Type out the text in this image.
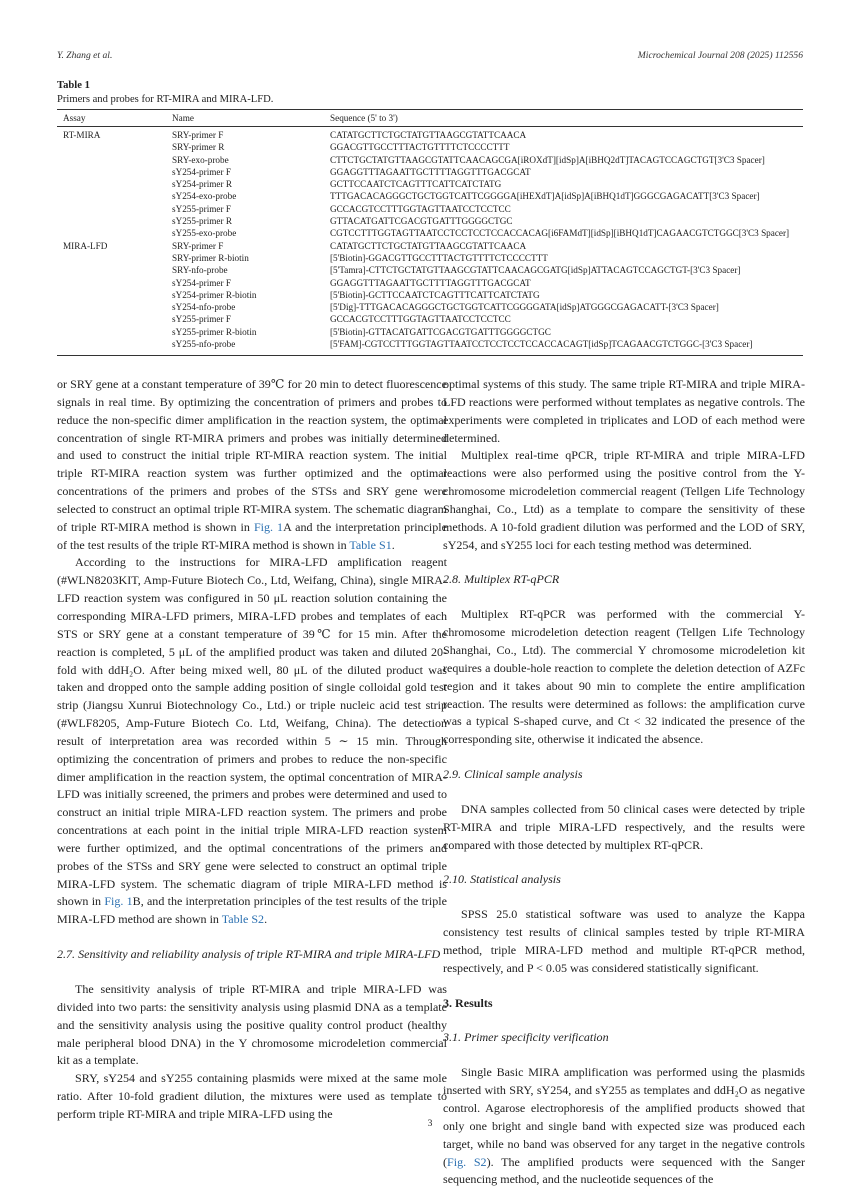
Y. Zhang et al.	Microchemical Journal 208 (2025) 112556
Table 1
Primers and probes for RT-MIRA and MIRA-LFD.
Assay	Name	Sequence (5' to 3')
RT-MIRA	SRY-primer F	CATATGCTTCTGCTATGTTAAGCGTATTCAACA
	SRY-primer R	GGACGTTGCCTTTACTGTTTTCTCCCCTTT
	SRY-exo-probe	CTTCTGCTATGTTAAGCGTATTCAACAGCGA[iROXdT][idSp]A[iBHQ2dT]TACAGTCCAGCTGT[3'C3 Spacer]
	sY254-primer F	GGAGGTTTAGAATTGCTTTTAGGTTTGACGCAT
	sY254-primer R	GCTTCCAATCTCAGTTTCATTCATCTATG
	sY254-exo-probe	TTTGACACAGGGCTGCTGGTCATTCGGGGA[iHEXdT]A[idSp]A[iBHQ1dT]GGGCGAGACATT[3'C3 Spacer]
	sY255-primer F	GCCACGTCCTTTGGTAGTTAATCCTCCTCC
	sY255-primer R	GTTACATGATTCGACGTGATTTGGGGCTGC
	sY255-exo-probe	CGTCCTTTGGTAGTTAATCCTCCTCCTCCACCACAG[i6FAMdT][idSp][iBHQ1dT]CAGAACGTCTGGC[3'C3 Spacer]
MIRA-LFD	SRY-primer F	CATATGCTTCTGCTATGTTAAGCGTATTCAACA
	SRY-primer R-biotin	[5'Biotin]-GGACGTTGCCTTTACTGTTTTCTCCCCTTT
	SRY-nfo-probe	[5'Tamra]-CTTCTGCTATGTTAAGCGTATTCAACAGCGATG[idSp]ATTACAGTCCAGCTGT-[3'C3 Spacer]
	sY254-primer F	GGAGGTTTAGAATTGCTTTTAGGTTTGACGCAT
	sY254-primer R-biotin	[5'Biotin]-GCTTCCAATCTCAGTTTCATTCATCTATG
	sY254-nfo-probe	[5'Dig]-TTTGACACAGGGCTGCTGGTCATTCGGGGATA[idSp]ATGGGCGAGACATT-[3'C3 Spacer]
	sY255-primer F	GCCACGTCCTTTGGTAGTTAATCCTCCTCC
	sY255-primer R-biotin	[5'Biotin]-GTTACATGATTCGACGTGATTTGGGGCTGC
	sY255-nfo-probe	[5'FAM]-CGTCCTTTGGTAGTTAATCCTCCTCCTCCACCACAGT[idSp]TCAGAACGTCTGGC-[3'C3 Spacer]

or SRY gene at a constant temperature of 39℃ for 20 min to detect fluorescence signals in real time. By optimizing the concentration of primers and probes to reduce the non-specific dimer amplification in the reaction system, the optimal concentration of single RT-MIRA primers and probes was initially determined and used to construct the initial triple RT-MIRA reaction system. The initial triple RT-MIRA reaction system was further optimized and the optimal concentrations of the primers and probes of the STSs and SRY gene were selected to construct an optimal triple RT-MIRA system. The schematic diagram of triple RT-MIRA method is shown in Fig. 1A and the interpretation principle of the test results of the triple RT-MIRA method is shown in Table S1.

According to the instructions for MIRA-LFD amplification reagent (#WLN8203KIT, Amp-Future Biotech Co., Ltd, Weifang, China), single MIRA-LFD reaction system was configured in 50 μL reaction solution containing the corresponding MIRA-LFD primers, MIRA-LFD probes and templates of each STS or SRY gene at a constant temperature of 39℃ for 15 min. After the reaction is completed, 5 μL of the amplified product was taken and diluted 20-fold with ddH₂O. After being mixed well, 80 μL of the diluted product was taken and dropped onto the sample adding position of single colloidal gold test strip (Jiangsu Xunrui Biotechnology Co., Ltd.) or triple nucleic acid test strip (#WLF8205, Amp-Future Biotech Co. Ltd, Weifang, China). The detection result of interpretation area was recorded within 5 ∼ 15 min. Through optimizing the concentration of primers and probes to reduce the non-specific dimer amplification in the reaction system, the optimal concentration of MIRA-LFD was initially screened, the primers and probes were determined and used to construct an initial triple MIRA-LFD reaction system. The primers and probe concentrations at each point in the initial triple MIRA-LFD reaction system were further optimized, and the optimal concentrations of the primers and probes of the STSs and SRY gene were selected to construct an optimal triple MIRA-LFD system. The schematic diagram of triple MIRA-LFD method is shown in Fig. 1B, and the interpretation principles of the test results of the triple MIRA-LFD method are shown in Table S2.

2.7. Sensitivity and reliability analysis of triple RT-MIRA and triple MIRA-LFD

The sensitivity analysis of triple RT-MIRA and triple MIRA-LFD was divided into two parts: the sensitivity analysis using plasmid DNA as a template and the sensitivity analysis using the positive quality control product (healthy male peripheral blood DNA) in the Y chromosome microdeletion commercial kit as a template.

SRY, sY254 and sY255 containing plasmids were mixed at the same mole ratio. After 10-fold gradient dilution, the mixtures were used as template to perform triple RT-MIRA and triple MIRA-LFD using the

optimal systems of this study. The same triple RT-MIRA and triple MIRA-LFD reactions were performed without templates as negative controls. The experiments were completed in triplicates and LOD of each method were determined.

Multiplex real-time qPCR, triple RT-MIRA and triple MIRA-LFD reactions were also performed using the positive control from the Y-chromosome microdeletion commercial reagent (Tellgen Life Technology Shanghai, Co., Ltd) as a template to compare the sensitivity of these methods. A 10-fold gradient dilution was performed and the LOD of SRY, sY254, and sY255 loci for each testing method was determined.

2.8. Multiplex RT-qPCR

Multiplex RT-qPCR was performed with the commercial Y-chromosome microdeletion detection reagent (Tellgen Life Technology Shanghai, Co., Ltd). The commercial Y chromosome microdeletion kit requires a double-hole reaction to complete the deletion detection of AZFc region and it takes about 90 min to complete the entire amplification reaction. The results were determined as follows: the amplification curve was a typical S-shaped curve, and Ct < 32 indicated the presence of the corresponding site, otherwise it indicated the absence.

2.9. Clinical sample analysis

DNA samples collected from 50 clinical cases were detected by triple RT-MIRA and triple MIRA-LFD respectively, and the results were compared with those detected by multiplex RT-qPCR.

2.10. Statistical analysis

SPSS 25.0 statistical software was used to analyze the Kappa consistency test results of clinical samples tested by triple RT-MIRA method, triple MIRA-LFD method and multiple RT-qPCR method, respectively, and P < 0.05 was considered statistically significant.

3. Results

3.1. Primer specificity verification

Single Basic MIRA amplification was performed using the plasmids inserted with SRY, sY254, and sY255 as templates and ddH₂O as negative control. Agarose electrophoresis of the amplified products showed that only one bright and single band with expected size was produced each target, while no band was observed for any target in the negative controls (Fig. S2). The amplified products were sequenced with the Sanger sequencing method, and the nucleotide sequences of the

3
